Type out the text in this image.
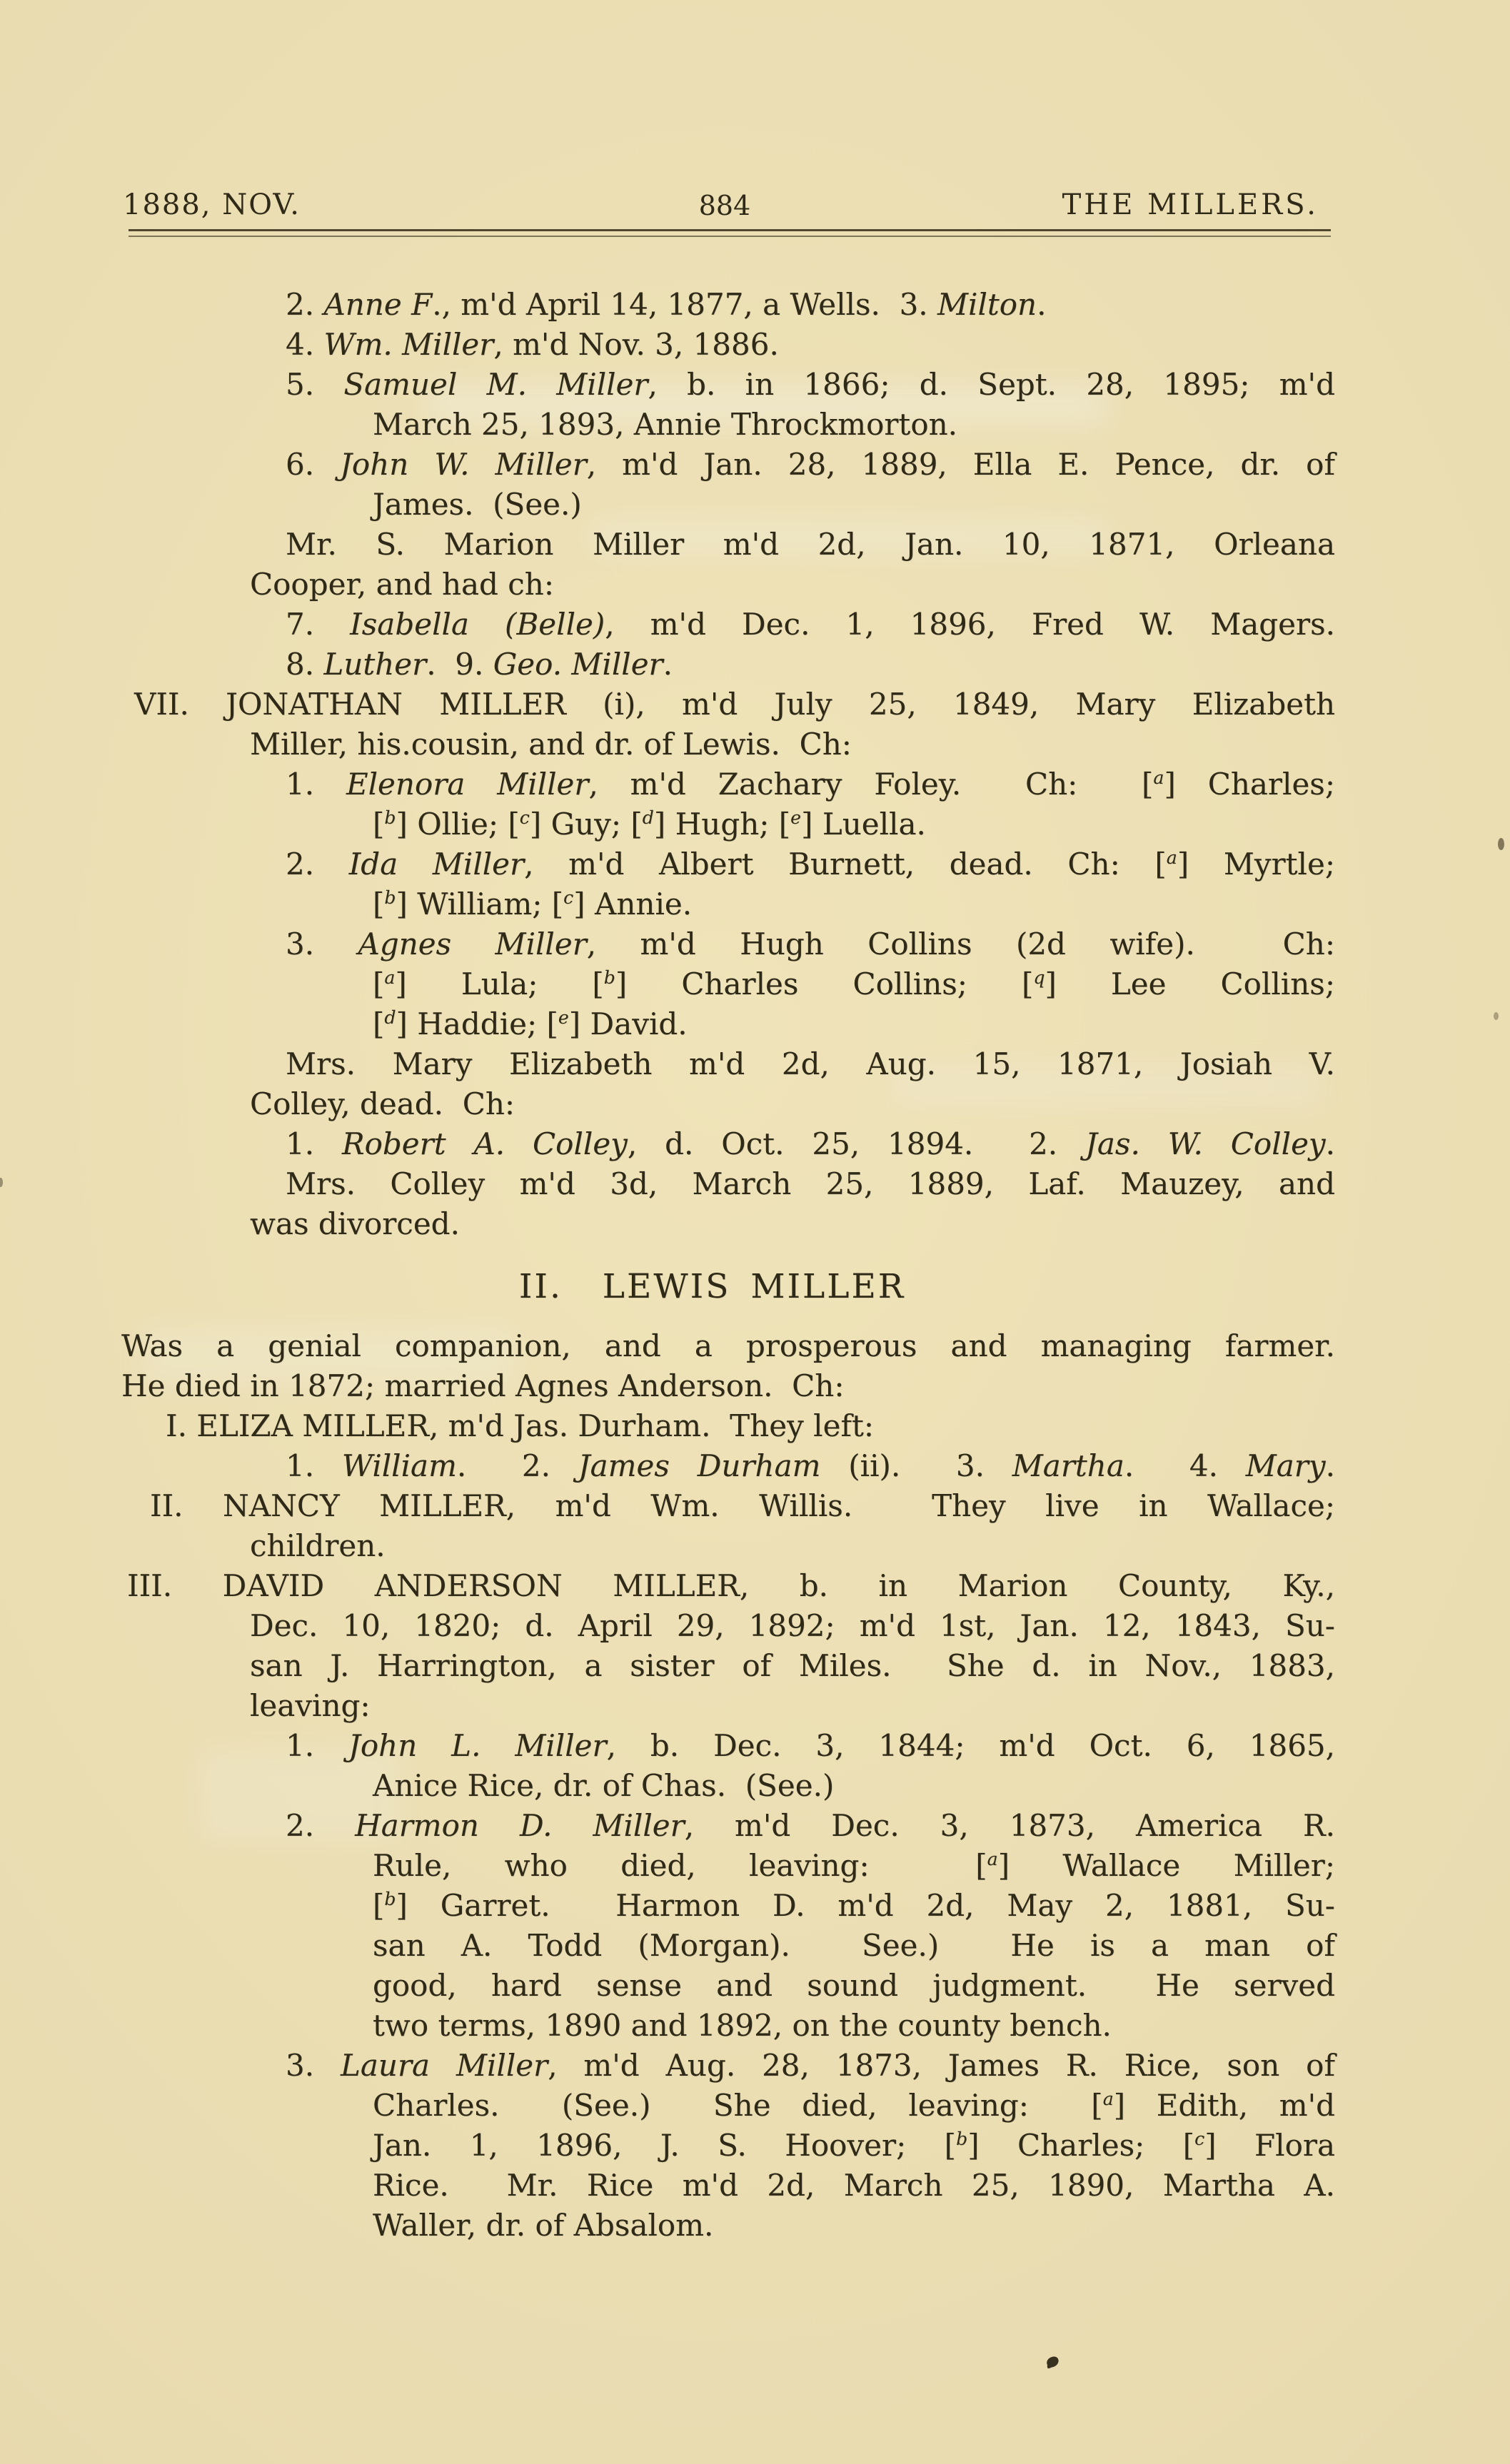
1888, NOV.	884	THE MILLERS.
2. Anne F., m'd April 14, 1877, a Wells.  3. Milton.
4. Wm. Miller, m'd Nov. 3, 1886.
5. Samuel M. Miller, b. in 1866; d. Sept. 28, 1895; m'd
March 25, 1893, Annie Throckmorton.
6. John W. Miller, m'd Jan. 28, 1889, Ella E. Pence, dr. of
James.  (See.)
Mr. S. Marion Miller m'd 2d, Jan. 10, 1871, Orleana
Cooper, and had ch:
7. Isabella (Belle), m'd Dec. 1, 1896, Fred W. Magers.
8. Luther.  9. Geo. Miller.
VII. JONATHAN MILLER (i), m'd July 25, 1849, Mary Elizabeth
Miller, his.cousin, and dr. of Lewis.  Ch:
1. Elenora Miller, m'd Zachary Foley.  Ch:  [$^a$] Charles;
[$^b$] Ollie; [$^c$] Guy; [$^d$] Hugh; [$^e$] Luella.
2. Ida Miller, m'd Albert Burnett, dead. Ch: [$^a$] Myrtle;
[$^b$] William; [$^c$] Annie.
3. Agnes Miller, m'd Hugh Collins (2d wife).  Ch:
[$^a$] Lula; [$^b$] Charles Collins; [$^q$] Lee Collins;
[$^d$] Haddie; [$^e$] David.
Mrs. Mary Elizabeth m'd 2d, Aug. 15, 1871, Josiah V.
Colley, dead.  Ch:
1. Robert A. Colley, d. Oct. 25, 1894.  2. Jas. W. Colley.
Mrs. Colley m'd 3d, March 25, 1889, Laf. Mauzey, and
was divorced.
II.  LEWIS MILLER
Was a genial companion, and a prosperous and managing farmer.
He died in 1872; married Agnes Anderson.  Ch:
I. ELIZA MILLER, m'd Jas. Durham.  They left:
1. William.  2. James Durham (ii).  3. Martha.  4. Mary.
II. NANCY MILLER, m'd Wm. Willis.  They live in Wallace;
children.
III. DAVID ANDERSON MILLER, b. in Marion County, Ky.,
Dec. 10, 1820; d. April 29, 1892; m'd 1st, Jan. 12, 1843, Su-
san J. Harrington, a sister of Miles.  She d. in Nov., 1883,
leaving:
1. John L. Miller, b. Dec. 3, 1844; m'd Oct. 6, 1865,
Anice Rice, dr. of Chas.  (See.)
2. Harmon D. Miller, m'd Dec. 3, 1873, America R.
Rule, who died, leaving:  [$^a$] Wallace Miller;
[$^b$] Garret.  Harmon D. m'd 2d, May 2, 1881, Su-
san A. Todd (Morgan).  See.)  He is a man of
good, hard sense and sound judgment.  He served
two terms, 1890 and 1892, on the county bench.
3. Laura Miller, m'd Aug. 28, 1873, James R. Rice, son of
Charles.  (See.)  She died, leaving:  [$^a$] Edith, m'd
Jan. 1, 1896, J. S. Hoover; [$^b$] Charles; [$^c$] Flora
Rice.  Mr. Rice m'd 2d, March 25, 1890, Martha A.
Waller, dr. of Absalom.
